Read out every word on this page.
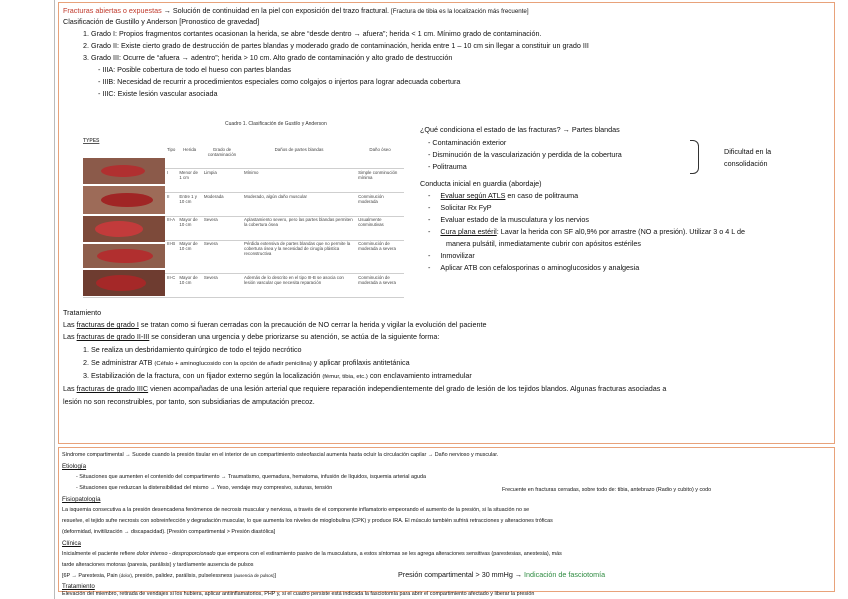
Fracturas abiertas o expuestas → Solución de continuidad en la piel con exposición del trazo fractural. [Fractura de tibia es la localización más frecuente]
Clasificación de Gustillo y Anderson [Pronostico de gravedad]
1. Grado I: Propios fragmentos cortantes ocasionan la herida, se abre “desde dentro → afuera”; herida < 1 cm. Mínimo grado de contaminación.
2. Grado II: Existe cierto grado de destrucción de partes blandas y moderado grado de contaminación, herida entre 1 – 10 cm sin llegar a constituir un grado III
3. Grado III: Ocurre de “afuera → adentro”; herida > 10 cm. Alto grado de contaminación y alto grado de destrucción
- IIIA: Posible cobertura de todo el hueso con partes blandas
- IIIB: Necesidad de recurrir a procedimientos especiales como colgajos o injertos para lograr adecuada cobertura
- IIIC: Existe lesión vascular asociada
TYPES
Cuadro 1. Clasificación de Gustilo y Anderson
	Tipo	Herida	Grado de contaminación	Daños de partes blandas	Daño óseo
	I	Menor de 1 cm	Limpia	Mínimo	Simple conminución mínima
	II	Entre 1 y 10 cm	Moderada	Moderado, algún daño muscular	Conminución moderada
	III-A	Mayor de 10 cm	Severa	Aplastamiento severo, pero las partes blandas permiten la cobertura ósea	Usualmente conminutivas
	III-B	Mayor de 10 cm	Severa	Pérdida extensiva de partes blandas que no permite la cobertura ósea y la necesidad de cirugía plástica reconstructiva	Conminución de moderada a severa
	III-C	Mayor de 10 cm	Severa	Además de lo descrito en el tipo III-B se asocia con lesión vascular que necesita reparación	Conminución de moderada a severa
¿Qué condiciona el estado de las fracturas? → Partes blandas
- Contaminación exterior
- Disminución de la vascularización y perdida de la cobertura
- Politrauma
Dificultad en la
consolidación
Conducta inicial en guardia (abordaje)
- Evaluar según ATLS en caso de politrauma
- Solicitar Rx FyP
- Evaluar estado de la musculatura y los nervios
- Cura plana estéril: Lavar la herida con SF al0,9% por arrastre (NO a presión). Utilizar 3 o 4 L de
manera pulsátil, inmediatamente cubrir con apósitos estériles
- Inmovilizar
- Aplicar ATB con cefalosporinas o aminoglucosidos y analgesia
Tratamiento
Las fracturas de grado I se tratan como si fueran cerradas con la precaución de NO cerrar la herida y vigilar la evolución del paciente
Las fracturas de grado II-III se consideran una urgencia y debe priorizarse su atención, se actúa de la siguiente forma:
1. Se realiza un desbridamiento quirúrgico de todo el tejido necrótico
2. Se administrar ATB (Céfalo + aminoglucosido con la opción de añadir penicilina) y aplicar profilaxis antitetánica
3. Estabilización de la fractura, con un fijador externo según la localización (fémur, tibia, etc.) con enclavamiento intramedular
Las fracturas de grado IIIC vienen acompañadas de una lesión arterial que requiere reparación independientemente del grado de lesión de los tejidos blandos. Algunas fracturas asociadas a
lesión no son reconstruibles, por tanto, son subsidiarias de amputación precoz.
Síndrome compartimental → Sucede cuando la presión tisular en el interior de un compartimiento osteofascial aumenta hasta ocluir la circulación capilar → Daño nervioso y muscular.
Etiología
- Situaciones que aumenten el contenido del compartimento → Traumatismo, quemadura, hematoma, infusión de líquidos, isquemia arterial aguda
- Situaciones que reduzcan la distensibilidad del mismo → Yeso, vendaje muy compresivo, suturas, tensión	Frecuente en fracturas cerradas, sobre todo de: tibia, antebrazo (Radio y cubito) y codo
Fisiopatología
La isquemia consecutiva a la presión desencadena fenómenos de necrosis muscular y nerviosa, a través de el componente inflamatorio empeorando el aumento de la presión, si la situación no se
resuelve, el tejido sufre necrosis con sobreinfección y degradación muscular, lo que aumenta los niveles de mioglobulina (CPK) y produce IRA. El músculo también sufrirá retracciones y alteraciones tróficas
(deformidad, invitilización → discapacidad). [Presión compartimental > Presión diastólica]
Clínica
Inicialmente el paciente refiere dolor intenso - desproporcionado que empeora con el estiramiento pasivo de la musculatura, a estos síntomas se les agrega alteraciones sensitivas (parestesias, anestesia), más
tarde alteraciones motoras (paresia, parálisis) y tardíamente ausencia de pulsos
[6P → Parestesia, Pain (dolor), presión, palidez, parálisis, pulselessness (ausencia de pulsos)]	Presión compartimental > 30 mmHg → Indicación de fasciotomía
Tratamiento
Elevación del miembro, retirada de vendajes si los hubiera, aplicar antiinflamatorios, PHP y, si el cuadro persiste está indicada la fasciotomía para abrir el compartimiento afectado y liberar la presión
